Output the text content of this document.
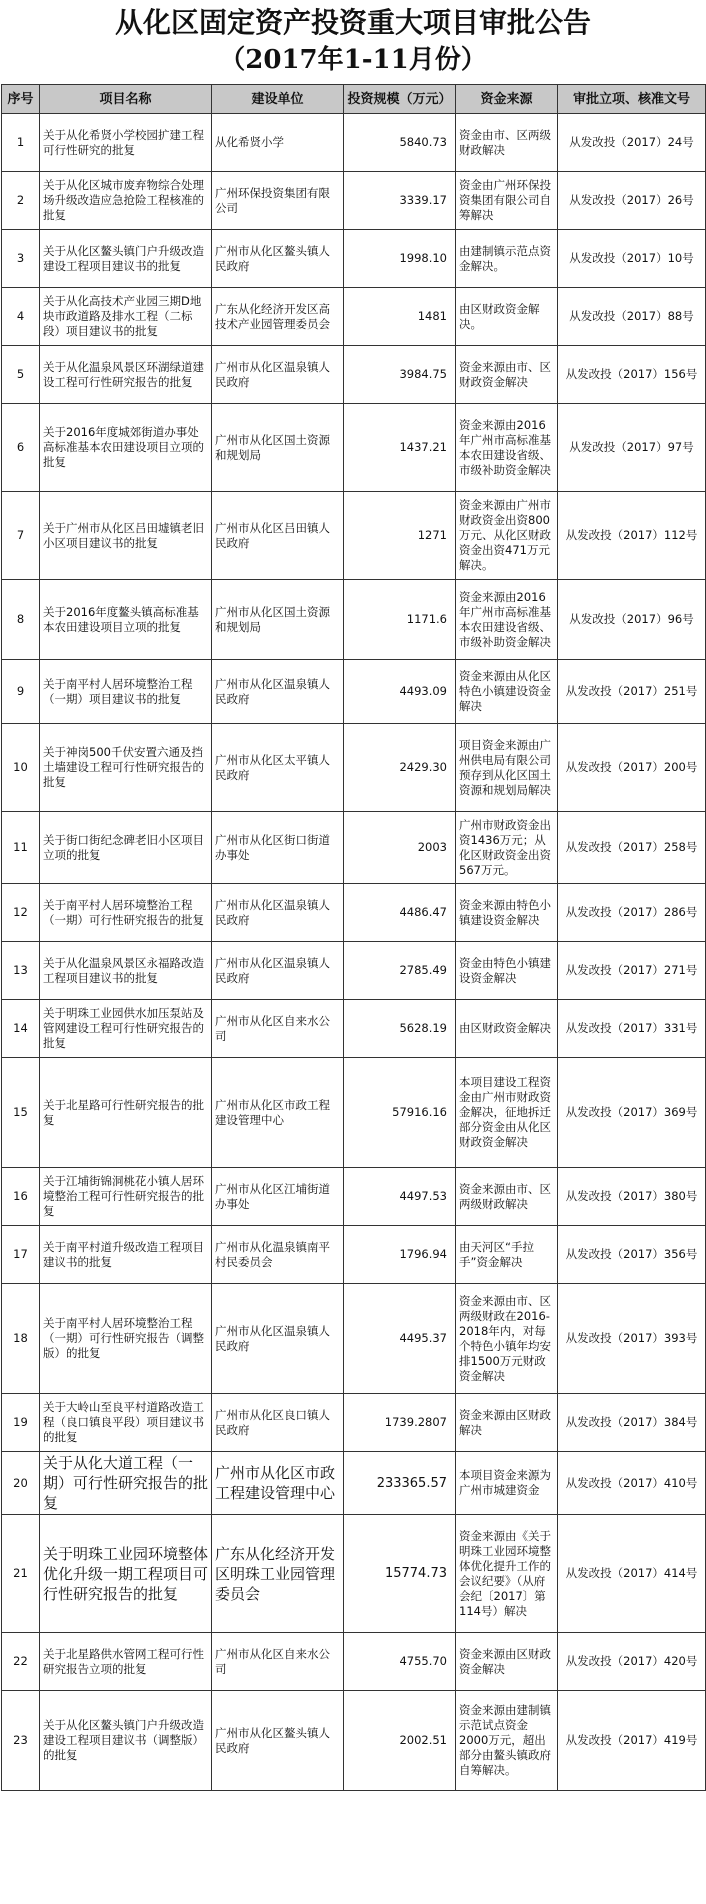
从化区固定资产投资重大项目审批公告
（2017年1-11月份）
序号	项目名称	建设单位	投资规模（万元）	资金来源	审批立项、核准文号
1	关于从化希贤小学校园扩建工程可行性研究的批复	从化希贤小学	5840.73	资金由市、区两级财政解决	从发改投（2017）24号
2	关于从化区城市废弃物综合处理场升级改造应急抢险工程核准的批复	广州环保投资集团有限公司	3339.17	资金由广州环保投资集团有限公司自筹解决	从发改投（2017）26号
3	关于从化区鳌头镇门户升级改造建设工程项目建议书的批复	广州市从化区鳌头镇人民政府	1998.10	由建制镇示范点资金解决。	从发改投（2017）10号
4	关于从化高技术产业园三期D地块市政道路及排水工程（二标段）项目建议书的批复	广东从化经济开发区高技术产业园管理委员会	1481	由区财政资金解决。	从发改投（2017）88号
5	关于从化温泉风景区环湖绿道建设工程可行性研究报告的批复	广州市从化区温泉镇人民政府	3984.75	资金来源由市、区财政资金解决	从发改投（2017）156号
6	关于2016年度城郊街道办事处高标准基本农田建设项目立项的批复	广州市从化区国土资源和规划局	1437.21	资金来源由2016年广州市高标准基本农田建设省级、市级补助资金解决	从发改投（2017）97号
7	关于广州市从化区吕田墟镇老旧小区项目建议书的批复	广州市从化区吕田镇人民政府	1271	资金来源由广州市财政资金出资800万元、从化区财政资金出资471万元解决。	从发改投（2017）112号
8	关于2016年度鳌头镇高标准基本农田建设项目立项的批复	广州市从化区国土资源和规划局	1171.6	资金来源由2016年广州市高标准基本农田建设省级、市级补助资金解决	从发改投（2017）96号
9	关于南平村人居环境整治工程（一期）项目建议书的批复	广州市从化区温泉镇人民政府	4493.09	资金来源由从化区特色小镇建设资金解决	从发改投（2017）251号
10	关于神岗500千伏安置六通及挡土墙建设工程可行性研究报告的批复	广州市从化区太平镇人民政府	2429.30	项目资金来源由广州供电局有限公司预存到从化区国土资源和规划局解决	从发改投（2017）200号
11	关于街口街纪念碑老旧小区项目立项的批复	广州市从化区街口街道办事处	2003	广州市财政资金出资1436万元；从化区财政资金出资567万元。	从发改投（2017）258号
12	关于南平村人居环境整治工程（一期）可行性研究报告的批复	广州市从化区温泉镇人民政府	4486.47	资金来源由特色小镇建设资金解决	从发改投（2017）286号
13	关于从化温泉风景区永福路改造工程项目建议书的批复	广州市从化区温泉镇人民政府	2785.49	资金由特色小镇建设资金解决	从发改投（2017）271号
14	关于明珠工业园供水加压泵站及管网建设工程可行性研究报告的批复	广州市从化区自来水公司	5628.19	由区财政资金解决	从发改投（2017）331号
15	关于北星路可行性研究报告的批复	广州市从化区市政工程建设管理中心	57916.16	本项目建设工程资金由广州市财政资金解决，征地拆迁部分资金由从化区财政资金解决	从发改投（2017）369号
16	关于江埔街锦洞桃花小镇人居环境整治工程可行性研究报告的批复	广州市从化区江埔街道办事处	4497.53	资金来源由市、区两级财政解决	从发改投（2017）380号
17	关于南平村道升级改造工程项目建议书的批复	广州市从化温泉镇南平村民委员会	1796.94	由天河区“手拉手”资金解决	从发改投（2017）356号
18	关于南平村人居环境整治工程（一期）可行性研究报告（调整版）的批复	广州市从化区温泉镇人民政府	4495.37	资金来源由市、区两级财政在2016-2018年内，对每个特色小镇年均安排1500万元财政资金解决	从发改投（2017）393号
19	关于大岭山至良平村道路改造工程（良口镇良平段）项目建议书的批复	广州市从化区良口镇人民政府	1739.2807	资金来源由区财政解决	从发改投（2017）384号
20	关于从化大道工程（一期）可行性研究报告的批复	广州市从化区市政工程建设管理中心	233365.57	本项目资金来源为广州市城建资金	从发改投（2017）410号
21	关于明珠工业园环境整体优化升级一期工程项目可行性研究报告的批复	广东从化经济开发区明珠工业园管理委员会	15774.73	资金来源由《关于明珠工业园环境整体优化提升工作的会议纪要》（从府会纪〔2017〕第114号）解决	从发改投（2017）414号
22	关于北星路供水管网工程可行性研究报告立项的批复	广州市从化区自来水公司	4755.70	资金来源由区财政资金解决	从发改投（2017）420号
23	关于从化区鳌头镇门户升级改造建设工程项目建议书（调整版）的批复	广州市从化区鳌头镇人民政府	2002.51	资金来源由建制镇示范试点资金2000万元，超出部分由鳌头镇政府自筹解决。	从发改投（2017）419号
